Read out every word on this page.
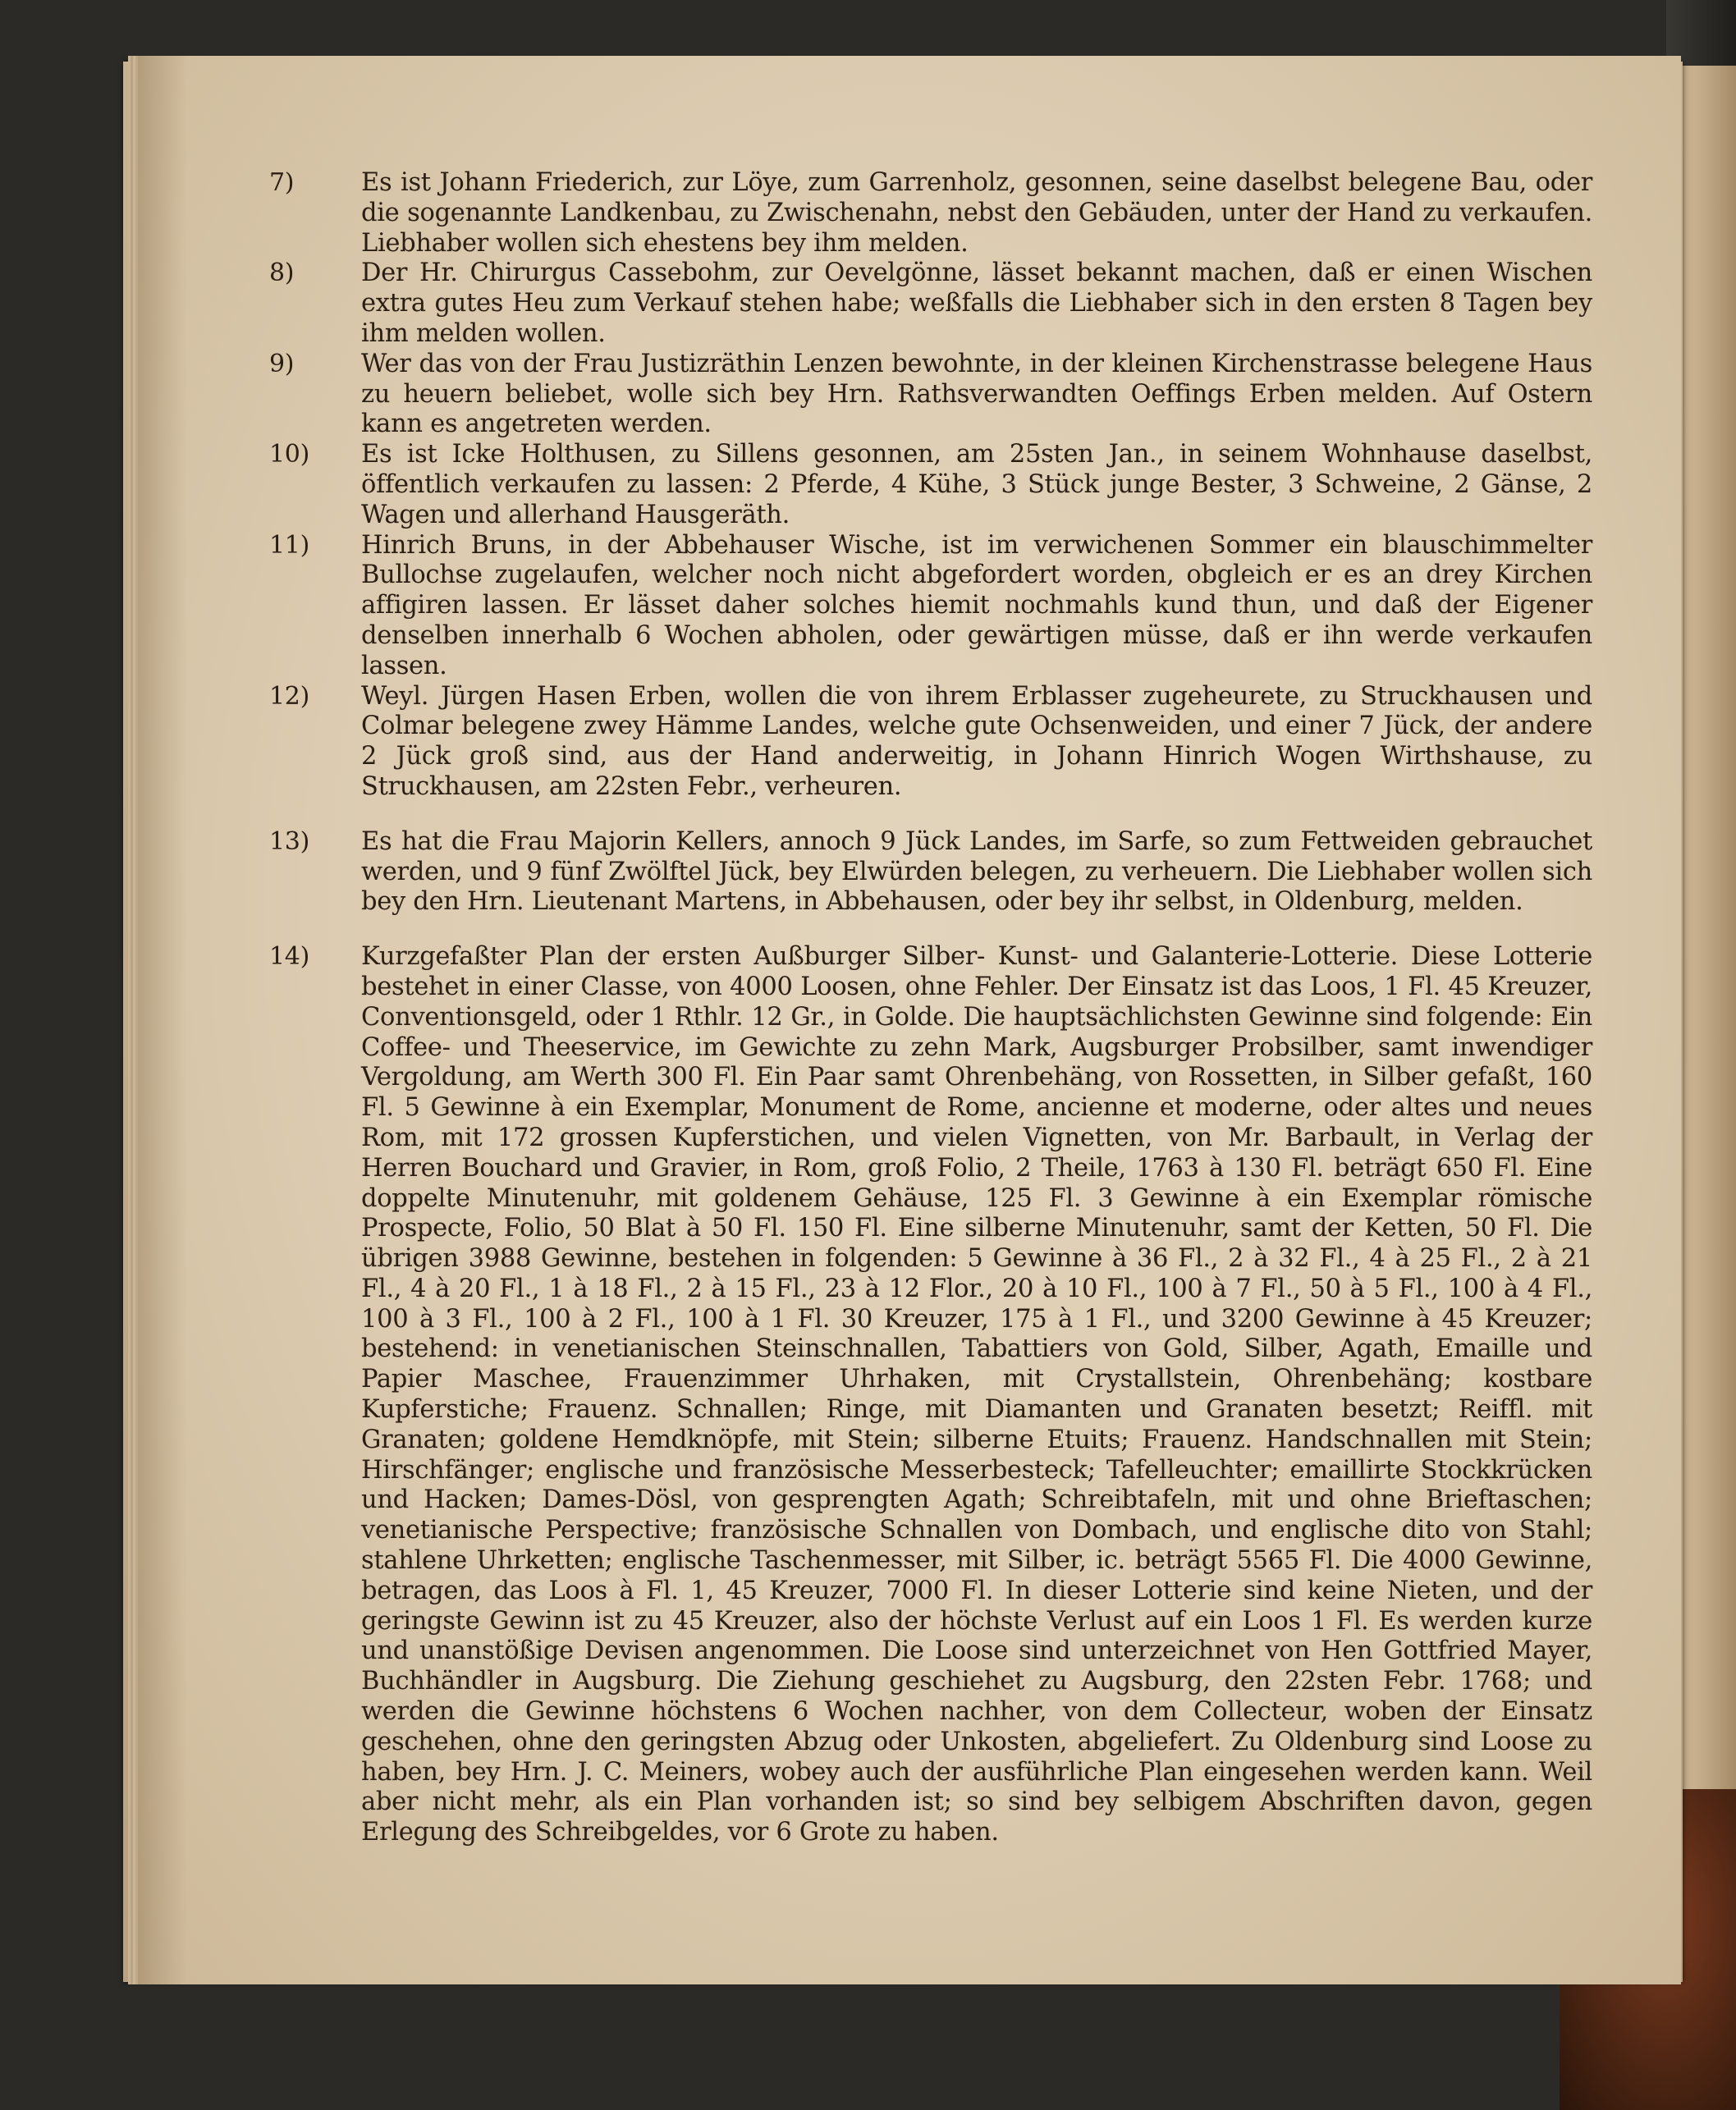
7)	Es ist Johann Friederich, zur Löye, zum Garrenholz, gesonnen, seine daselbst belegene Bau, oder die sogenannte Landkenbau, zu Zwischenahn, nebst den Gebäuden, unter der Hand zu verkaufen. Liebhaber wollen sich ehestens bey ihm melden.
8)	Der Hr. Chirurgus Cassebohm, zur Oevelgönne, lässet bekannt machen, daß er einen Wischen extra gutes Heu zum Verkauf stehen habe; weßfalls die Liebhaber sich in den ersten 8 Tagen bey ihm melden wollen.
9)	Wer das von der Frau Justizräthin Lenzen bewohnte, in der kleinen Kirchenstrasse belegene Haus zu heuern beliebet, wolle sich bey Hrn. Rathsverwandten Oeffings Erben melden. Auf Ostern kann es angetreten werden.
10)	Es ist Icke Holthusen, zu Sillens gesonnen, am 25sten Jan., in seinem Wohnhause daselbst, öffentlich verkaufen zu lassen: 2 Pferde, 4 Kühe, 3 Stück junge Bester, 3 Schweine, 2 Gänse, 2 Wagen und allerhand Hausgeräth.
11)	Hinrich Bruns, in der Abbehauser Wische, ist im verwichenen Sommer ein blauschimmelter Bullochse zugelaufen, welcher noch nicht abgefordert worden, obgleich er es an drey Kirchen affigiren lassen. Er lässet daher solches hiemit nochmahls kund thun, und daß der Eigener denselben innerhalb 6 Wochen abholen, oder gewärtigen müsse, daß er ihn werde verkaufen lassen.
12)	Weyl. Jürgen Hasen Erben, wollen die von ihrem Erblasser zugeheurete, zu Struckhausen und Colmar belegene zwey Hämme Landes, welche gute Ochsenweiden, und einer 7 Jück, der andere 2 Jück groß sind, aus der Hand anderweitig, in Johann Hinrich Wogen Wirthshause, zu Struckhausen, am 22sten Febr., verheuren.
13)	Es hat die Frau Majorin Kellers, annoch 9 Jück Landes, im Sarfe, so zum Fettweiden gebrauchet werden, und 9 fünf Zwölftel Jück, bey Elwürden belegen, zu verheuern. Die Liebhaber wollen sich bey den Hrn. Lieutenant Martens, in Abbehausen, oder bey ihr selbst, in Oldenburg, melden.
14)	Kurzgefaßter Plan der ersten Außburger Silber- Kunst- und Galanterie-Lotterie. Diese Lotterie bestehet in einer Classe, von 4000 Loosen, ohne Fehler. Der Einsatz ist das Loos, 1 Fl. 45 Kreuzer, Conventionsgeld, oder 1 Rthlr. 12 Gr., in Golde. Die hauptsächlichsten Gewinne sind folgende: Ein Coffee- und Theeservice, im Gewichte zu zehn Mark, Augsburger Probsilber, samt inwendiger Vergoldung, am Werth 300 Fl. Ein Paar samt Ohrenbehäng, von Rossetten, in Silber gefaßt, 160 Fl. 5 Gewinne à ein Exemplar, Monument de Rome, ancienne et moderne, oder altes und neues Rom, mit 172 grossen Kupferstichen, und vielen Vignetten, von Mr. Barbault, in Verlag der Herren Bouchard und Gravier, in Rom, groß Folio, 2 Theile, 1763 à 130 Fl. beträgt 650 Fl. Eine doppelte Minutenuhr, mit goldenem Gehäuse, 125 Fl. 3 Gewinne à ein Exemplar römische Prospecte, Folio, 50 Blat à 50 Fl. 150 Fl. Eine silberne Minutenuhr, samt der Ketten, 50 Fl. Die übrigen 3988 Gewinne, bestehen in folgenden: 5 Gewinne à 36 Fl., 2 à 32 Fl., 4 à 25 Fl., 2 à 21 Fl., 4 à 20 Fl., 1 à 18 Fl., 2 à 15 Fl., 23 à 12 Flor., 20 à 10 Fl., 100 à 7 Fl., 50 à 5 Fl., 100 à 4 Fl., 100 à 3 Fl., 100 à 2 Fl., 100 à 1 Fl. 30 Kreuzer, 175 à 1 Fl., und 3200 Gewinne à 45 Kreuzer; bestehend: in venetianischen Steinschnallen, Tabattiers von Gold, Silber, Agath, Emaille und Papier Maschee, Frauenzimmer Uhrhaken, mit Crystallstein, Ohrenbehäng; kostbare Kupferstiche; Frauenz. Schnallen; Ringe, mit Diamanten und Granaten besetzt; Reiffl. mit Granaten; goldene Hemdknöpfe, mit Stein; silberne Etuits; Frauenz. Handschnallen mit Stein; Hirschfänger; englische und französische Messerbesteck; Tafelleuchter; emaillirte Stockkrücken und Hacken; Dames-Dösl, von gesprengten Agath; Schreibtafeln, mit und ohne Brieftaschen; venetianische Perspective; französische Schnallen von Dombach, und englische dito von Stahl; stahlene Uhrketten; englische Taschenmesser, mit Silber, ic. beträgt 5565 Fl. Die 4000 Gewinne, betragen, das Loos à Fl. 1, 45 Kreuzer, 7000 Fl. In dieser Lotterie sind keine Nieten, und der geringste Gewinn ist zu 45 Kreuzer, also der höchste Verlust auf ein Loos 1 Fl. Es werden kurze und unanstößige Devisen angenommen. Die Loose sind unterzeichnet von Hen Gottfried Mayer, Buchhändler in Augsburg. Die Ziehung geschiehet zu Augsburg, den 22sten Febr. 1768; und werden die Gewinne höchstens 6 Wochen nachher, von dem Collecteur, woben der Einsatz geschehen, ohne den geringsten Abzug oder Unkosten, abgeliefert. Zu Oldenburg sind Loose zu haben, bey Hrn. J. C. Meiners, wobey auch der ausführliche Plan eingesehen werden kann. Weil aber nicht mehr, als ein Plan vorhanden ist; so sind bey selbigem Abschriften davon, gegen Erlegung des Schreibgeldes, vor 6 Grote zu haben.
